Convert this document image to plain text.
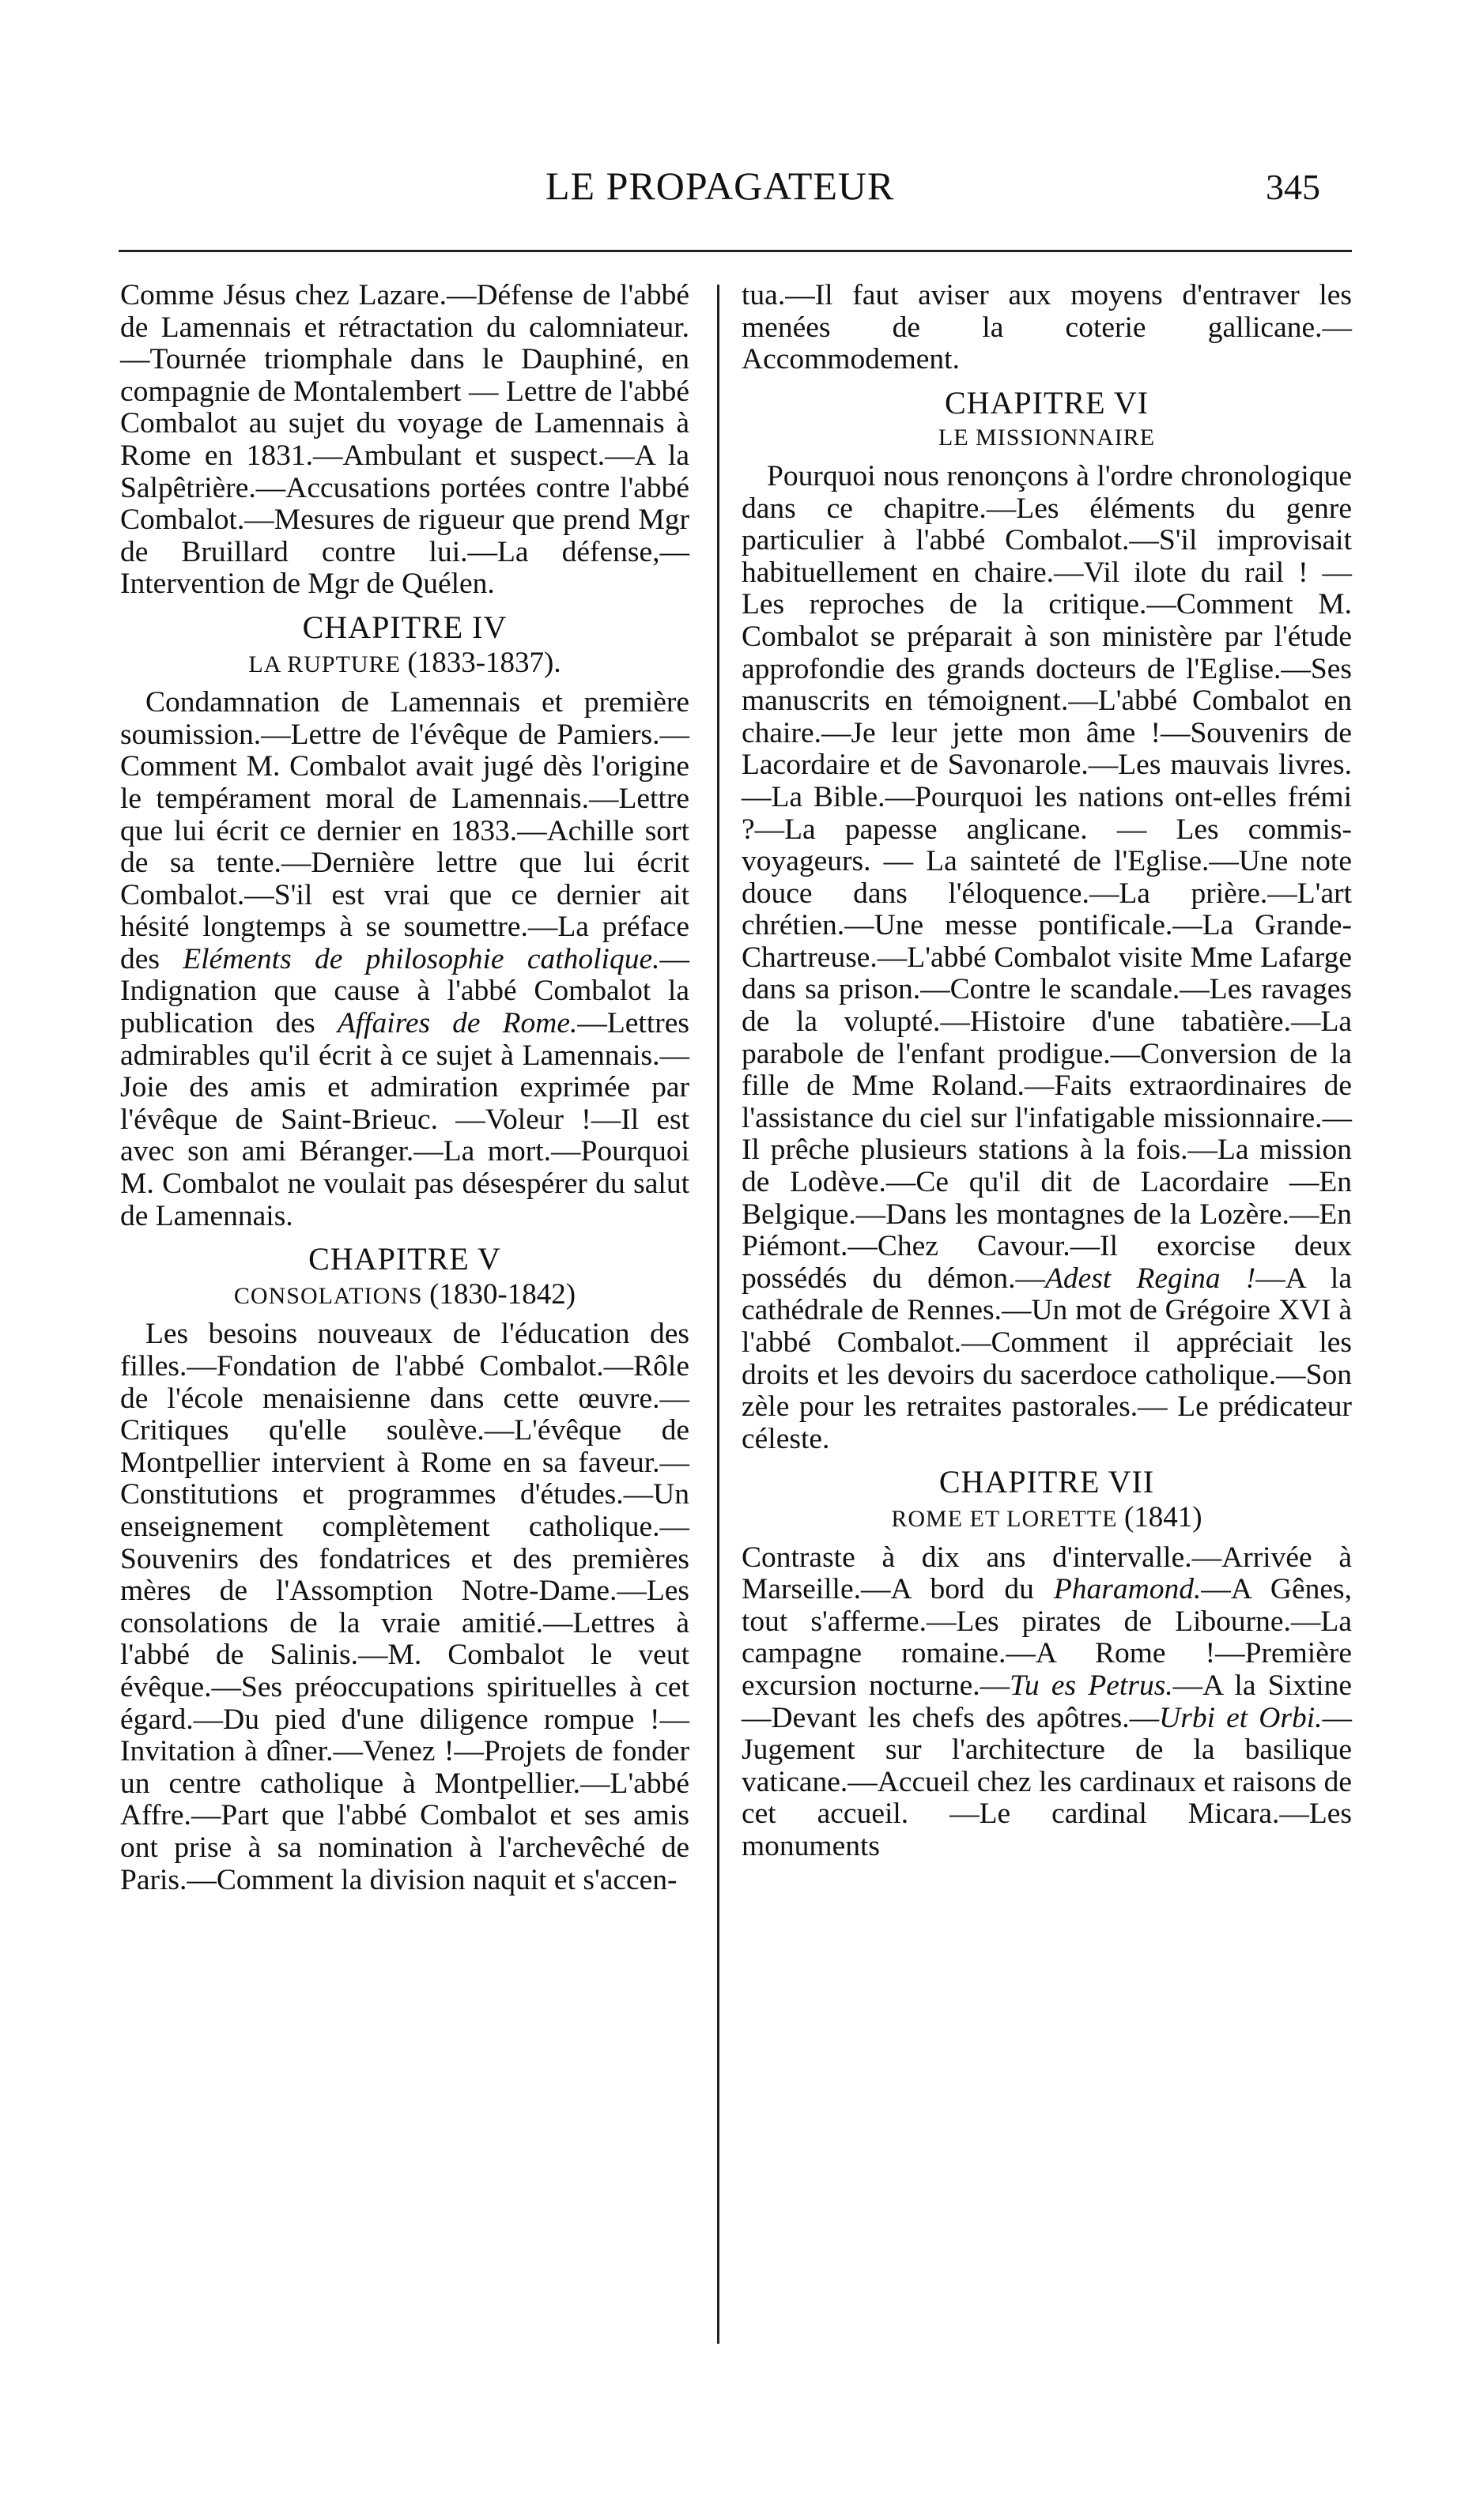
LE PROPAGATEUR	345

Comme Jésus chez Lazare.—Défense de l'abbé de Lamennais et rétractation du calomniateur.—Tournée triomphale dans le Dauphiné, en compagnie de Montalembert — Lettre de l'abbé Combalot au sujet du voyage de Lamennais à Rome en 1831.—Ambulant et suspect.—A la Salpêtrière.—Accusations portées contre l'abbé Combalot.—Mesures de rigueur que prend Mgr de Bruillard contre lui.—La défense,—Intervention de Mgr de Quélen.

CHAPITRE IV
LA RUPTURE (1833-1837).

Condamnation de Lamennais et première soumission.—Lettre de l'évêque de Pamiers.—Comment M. Combalot avait jugé dès l'origine le tempérament moral de Lamennais.—Lettre que lui écrit ce dernier en 1833.—Achille sort de sa tente.—Dernière lettre que lui écrit Combalot.—S'il est vrai que ce dernier ait hésité longtemps à se soumettre.—La préface des Eléments de philosophie catholique.—Indignation que cause à l'abbé Combalot la publication des Affaires de Rome.—Lettres admirables qu'il écrit à ce sujet à Lamennais.—Joie des amis et admiration exprimée par l'évêque de Saint-Brieuc. —Voleur !—Il est avec son ami Béranger.—La mort.—Pourquoi M. Combalot ne voulait pas désespérer du salut de Lamennais.

CHAPITRE V
CONSOLATIONS (1830-1842)

Les besoins nouveaux de l'éducation des filles.—Fondation de l'abbé Combalot.—Rôle de l'école menaisienne dans cette œuvre.—Critiques qu'elle soulève.—L'évêque de Montpellier intervient à Rome en sa faveur.—Constitutions et programmes d'études.—Un enseignement complètement catholique.—Souvenirs des fondatrices et des premières mères de l'Assomption Notre-Dame.—Les consolations de la vraie amitié.—Lettres à l'abbé de Salinis.—M. Combalot le veut évêque.—Ses préoccupations spirituelles à cet égard.—Du pied d'une diligence rompue !—Invitation à dîner.—Venez !—Projets de fonder un centre catholique à Montpellier.—L'abbé Affre.—Part que l'abbé Combalot et ses amis ont prise à sa nomination à l'archevêché de Paris.—Comment la division naquit et s'accen-

tua.—Il faut aviser aux moyens d'entraver les menées de la coterie gallicane.—Accommodement.

CHAPITRE VI
LE MISSIONNAIRE

Pourquoi nous renonçons à l'ordre chronologique dans ce chapitre.—Les éléments du genre particulier à l'abbé Combalot.—S'il improvisait habituellement en chaire.—Vil ilote du rail ! — Les reproches de la critique.—Comment M. Combalot se préparait à son ministère par l'étude approfondie des grands docteurs de l'Eglise.—Ses manuscrits en témoignent.—L'abbé Combalot en chaire.—Je leur jette mon âme !—Souvenirs de Lacordaire et de Savonarole.—Les mauvais livres.—La Bible.—Pourquoi les nations ont-elles frémi ?—La papesse anglicane. — Les commis-voyageurs. — La sainteté de l'Eglise.—Une note douce dans l'éloquence.—La prière.—L'art chrétien.—Une messe pontificale.—La Grande-Chartreuse.—L'abbé Combalot visite Mme Lafarge dans sa prison.—Contre le scandale.—Les ravages de la volupté.—Histoire d'une tabatière.—La parabole de l'enfant prodigue.—Conversion de la fille de Mme Roland.—Faits extraordinaires de l'assistance du ciel sur l'infatigable missionnaire.—Il prêche plusieurs stations à la fois.—La mission de Lodève.—Ce qu'il dit de Lacordaire —En Belgique.—Dans les montagnes de la Lozère.—En Piémont.—Chez Cavour.—Il exorcise deux possédés du démon.—Adest Regina !—A la cathédrale de Rennes.—Un mot de Grégoire XVI à l'abbé Combalot.—Comment il appréciait les droits et les devoirs du sacerdoce catholique.—Son zèle pour les retraites pastorales.— Le prédicateur céleste.

CHAPITRE VII
ROME ET LORETTE (1841)

Contraste à dix ans d'intervalle.—Arrivée à Marseille.—A bord du Pharamond.—A Gênes, tout s'afferme.—Les pirates de Libourne.—La campagne romaine.—A Rome !—Première excursion nocturne.—Tu es Petrus.—A la Sixtine —Devant les chefs des apôtres.—Urbi et Orbi.—Jugement sur l'architecture de la basilique vaticane.—Accueil chez les cardinaux et raisons de cet accueil. —Le cardinal Micara.—Les monuments
